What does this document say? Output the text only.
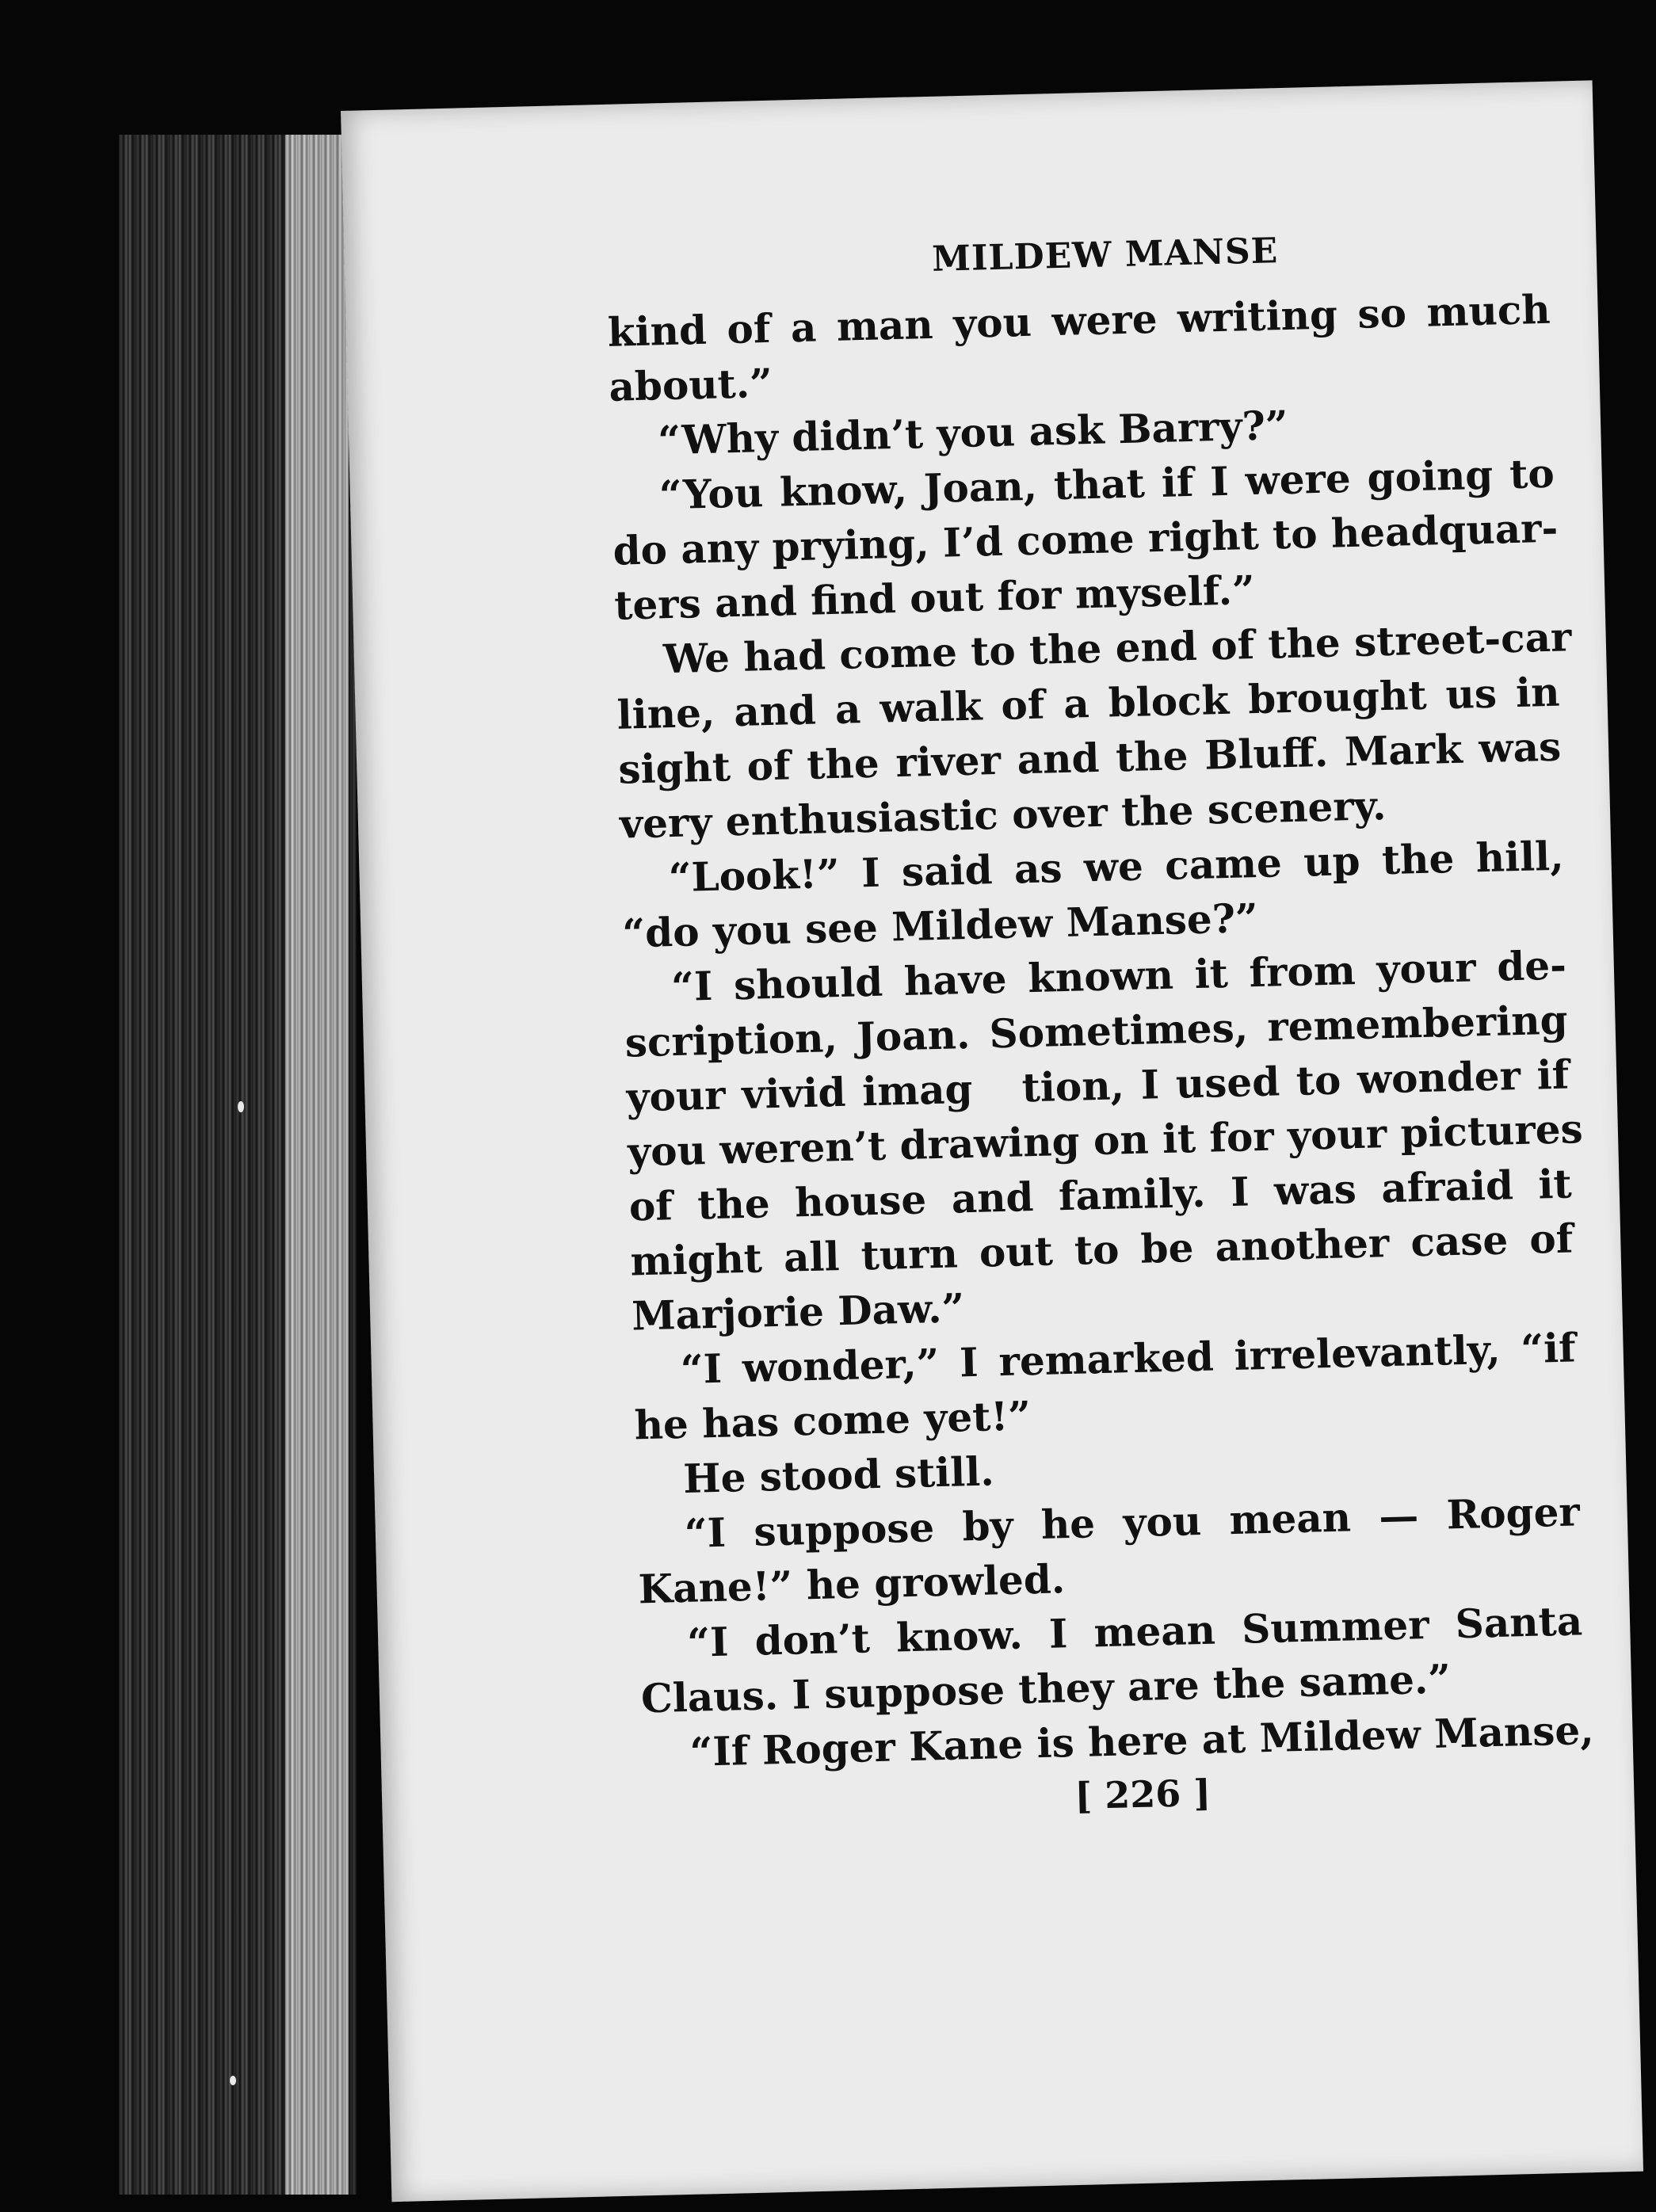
MILDEW MANSE
kind of a man you were writing so much
about.”
“Why didn’t you ask Barry?”
“You know, Joan, that if I were going to
do any prying, I’d come right to headquar-
ters and find out for myself.”
We had come to the end of the street-car
line, and a walk of a block brought us in
sight of the river and the Bluff. Mark was
very enthusiastic over the scenery.
“Look!” I said as we came up the hill,
“do you see Mildew Manse?”
“I should have known it from your de-
scription, Joan. Sometimes, remembering
your vivid imag   tion, I used to wonder if
you weren’t drawing on it for your pictures
of the house and family. I was afraid it
might all turn out to be another case of
Marjorie Daw.”
“I wonder,” I remarked irrelevantly, “if
he has come yet!”
He stood still.
“I suppose by he you mean — Roger
Kane!” he growled.
“I don’t know. I mean Summer Santa
Claus. I suppose they are the same.”
“If Roger Kane is here at Mildew Manse,
[ 226 ]
